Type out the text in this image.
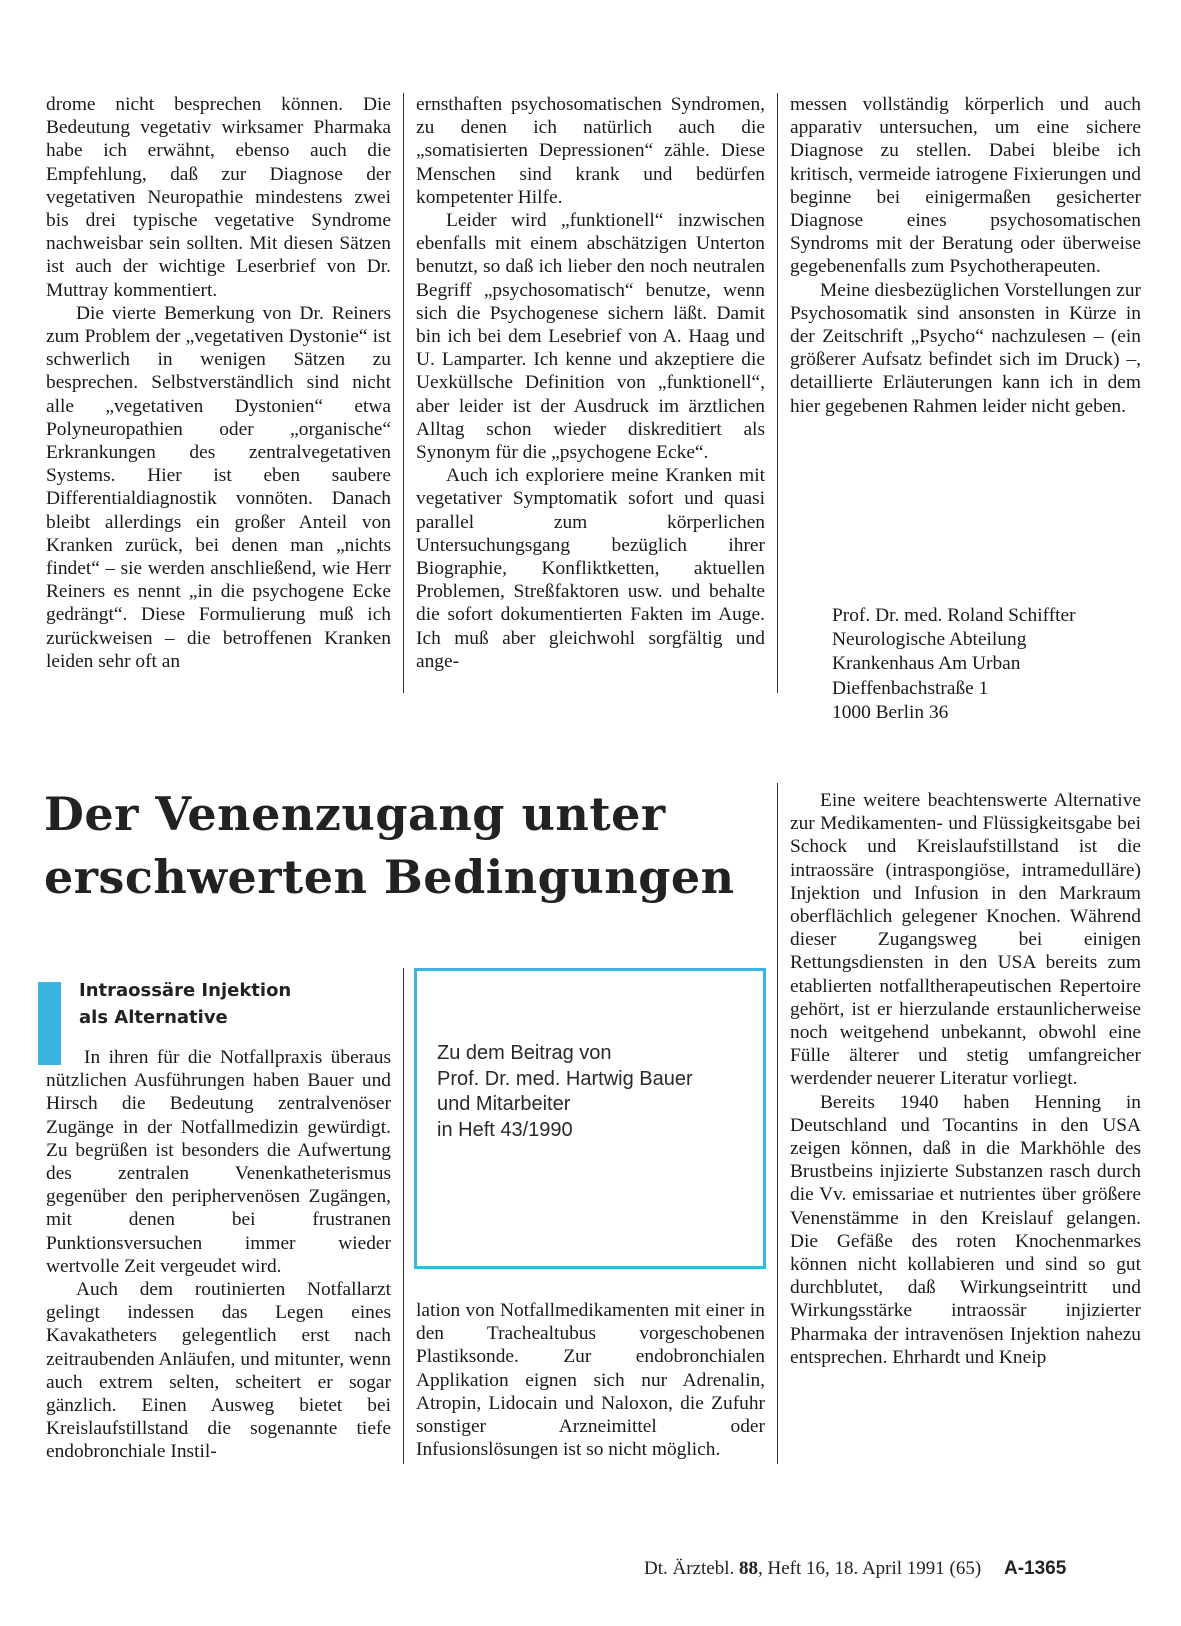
drome nicht besprechen können. Die Bedeutung vegetativ wirksamer Pharmaka habe ich erwähnt, ebenso auch die Empfehlung, daß zur Diagnose der vegetativen Neuropathie mindestens zwei bis drei typische vegetative Syndrome nachweisbar sein sollten. Mit diesen Sätzen ist auch der wichtige Leserbrief von Dr. Muttray kommentiert.

Die vierte Bemerkung von Dr. Reiners zum Problem der „vegetativen Dystonie“ ist schwerlich in wenigen Sätzen zu besprechen. Selbstverständlich sind nicht alle „vegetativen Dystonien“ etwa Polyneuropathien oder „organische“ Erkrankungen des zentralvegetativen Systems. Hier ist eben saubere Differentialdiagnostik vonnöten. Danach bleibt allerdings ein großer Anteil von Kranken zurück, bei denen man „nichts findet“ – sie werden anschließend, wie Herr Reiners es nennt „in die psychogene Ecke gedrängt“. Diese Formulierung muß ich zurückweisen – die betroffenen Kranken leiden sehr oft an

ernsthaften psychosomatischen Syndromen, zu denen ich natürlich auch die „somatisierten Depressionen“ zähle. Diese Menschen sind krank und bedürfen kompetenter Hilfe.

Leider wird „funktionell“ inzwischen ebenfalls mit einem abschätzigen Unterton benutzt, so daß ich lieber den noch neutralen Begriff „psychosomatisch“ benutze, wenn sich die Psychogenese sichern läßt. Damit bin ich bei dem Lesebrief von A. Haag und U. Lamparter. Ich kenne und akzeptiere die Uexküllsche Definition von „funktionell“, aber leider ist der Ausdruck im ärztlichen Alltag schon wieder diskreditiert als Synonym für die „psychogene Ecke“.

Auch ich exploriere meine Kranken mit vegetativer Symptomatik sofort und quasi parallel zum körperlichen Untersuchungsgang bezüglich ihrer Biographie, Konfliktketten, aktuellen Problemen, Streßfaktoren usw. und behalte die sofort dokumentierten Fakten im Auge. Ich muß aber gleichwohl sorgfältig und ange-

messen vollständig körperlich und auch apparativ untersuchen, um eine sichere Diagnose zu stellen. Dabei bleibe ich kritisch, vermeide iatrogene Fixierungen und beginne bei einigermaßen gesicherter Diagnose eines psychosomatischen Syndroms mit der Beratung oder überweise gegebenenfalls zum Psychotherapeuten.

Meine diesbezüglichen Vorstellungen zur Psychosomatik sind ansonsten in Kürze in der Zeitschrift „Psycho“ nachzulesen – (ein größerer Aufsatz befindet sich im Druck) –, detaillierte Erläuterungen kann ich in dem hier gegebenen Rahmen leider nicht geben.

Prof. Dr. med. Roland Schiffter
Neurologische Abteilung
Krankenhaus Am Urban
Dieffenbachstraße 1
1000 Berlin 36
Der Venenzugang unter
erschwerten Bedingungen
Intraossäre Injektion
als Alternative

In ihren für die Notfallpraxis überaus nützlichen Ausführungen haben Bauer und Hirsch die Bedeutung zentralvenöser Zugänge in der Notfallmedizin gewürdigt. Zu begrüßen ist besonders die Aufwertung des zentralen Venenkatheterismus gegenüber den periphervenösen Zugängen, mit denen bei frustranen Punktionsversuchen immer wieder wertvolle Zeit vergeudet wird.

Auch dem routinierten Notfallarzt gelingt indessen das Legen eines Kavakatheters gelegentlich erst nach zeitraubenden Anläufen, und mitunter, wenn auch extrem selten, scheitert er sogar gänzlich. Einen Ausweg bietet bei Kreislaufstillstand die sogenannte tiefe endobronchiale Instil-

Zu dem Beitrag von
Prof. Dr. med. Hartwig Bauer
und Mitarbeiter
in Heft 43/1990

lation von Notfallmedikamenten mit einer in den Trachealtubus vorgeschobenen Plastiksonde. Zur endobronchialen Applikation eignen sich nur Adrenalin, Atropin, Lidocain und Naloxon, die Zufuhr sonstiger Arzneimittel oder Infusionslösungen ist so nicht möglich.

Eine weitere beachtenswerte Alternative zur Medikamenten- und Flüssigkeitsgabe bei Schock und Kreislaufstillstand ist die intraossäre (intraspongiöse, intramedulläre) Injektion und Infusion in den Markraum oberflächlich gelegener Knochen. Während dieser Zugangsweg bei einigen Rettungsdiensten in den USA bereits zum etablierten notfalltherapeutischen Repertoire gehört, ist er hierzulande erstaunlicherweise noch weitgehend unbekannt, obwohl eine Fülle älterer und stetig umfangreicher werdender neuerer Literatur vorliegt.

Bereits 1940 haben Henning in Deutschland und Tocantins in den USA zeigen können, daß in die Markhöhle des Brustbeins injizierte Substanzen rasch durch die Vv. emissariae et nutrientes über größere Venenstämme in den Kreislauf gelangen. Die Gefäße des roten Knochenmarkes können nicht kollabieren und sind so gut durchblutet, daß Wirkungseintritt und Wirkungsstärke intraossär injizierter Pharmaka der intravenösen Injektion nahezu entsprechen. Ehrhardt und Kneip

Dt. Ärztebl. 88, Heft 16, 18. April 1991 (65) A-1365
